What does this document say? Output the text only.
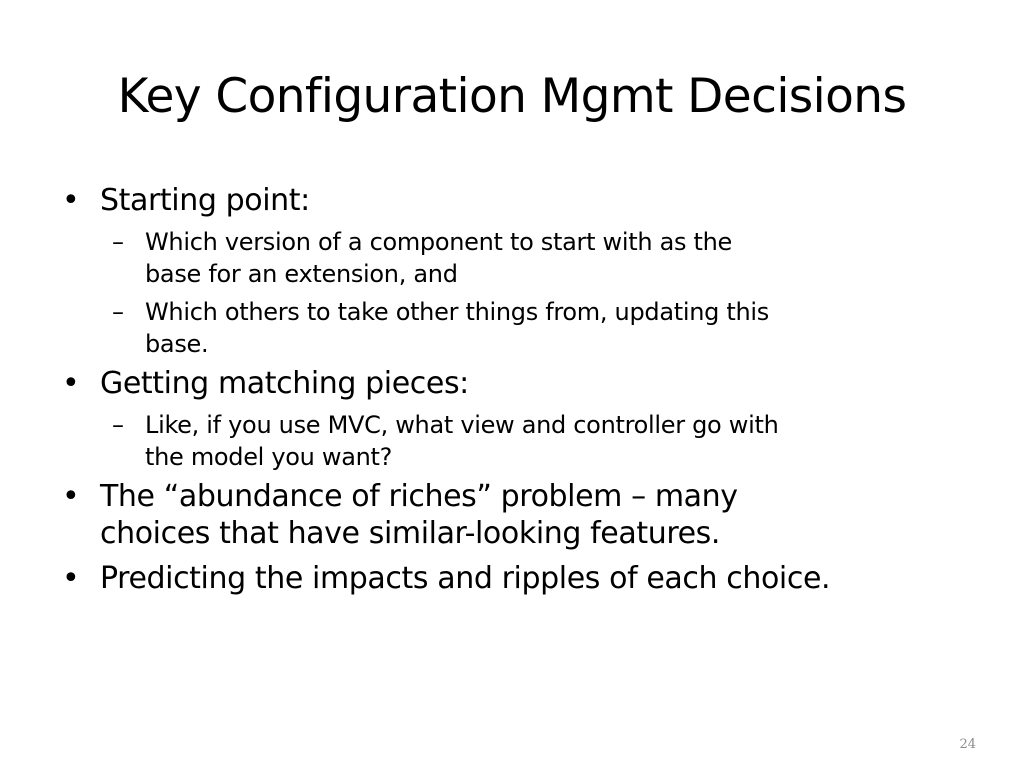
Key Configuration Mgmt Decisions
• Starting point:
– Which version of a component to start with as the
base for an extension, and
– Which others to take other things from, updating this
base.
• Getting matching pieces:
– Like, if you use MVC, what view and controller go with
the model you want?
• The “abundance of riches” problem – many
choices that have similar-looking features.
• Predicting the impacts and ripples of each choice.
24
